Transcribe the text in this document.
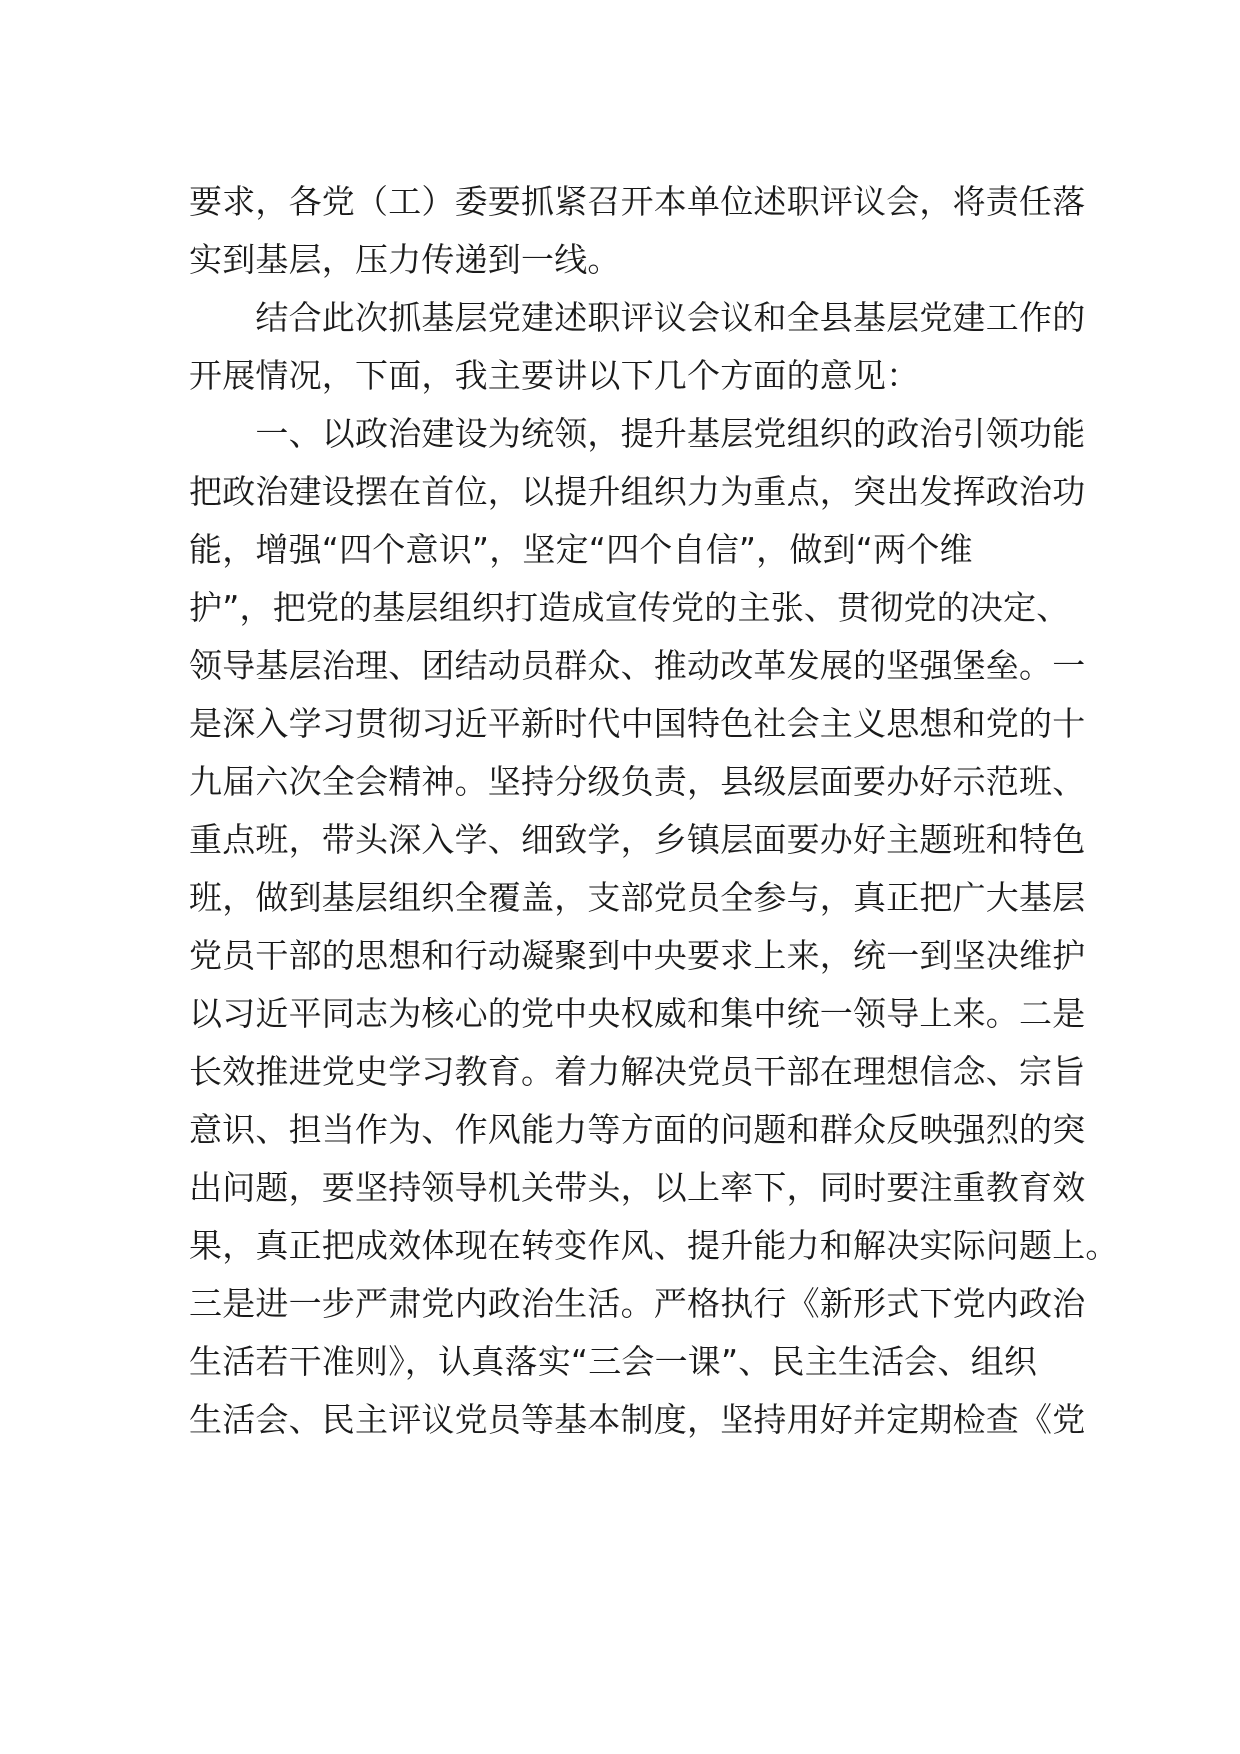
要求，各党（工）委要抓紧召开本单位述职评议会，将责任落
实到基层，压力传递到一线。
　　结合此次抓基层党建述职评议会议和全县基层党建工作的
开展情况，下面，我主要讲以下几个方面的意见：
　　一、以政治建设为统领，提升基层党组织的政治引领功能
把政治建设摆在首位，以提升组织力为重点，突出发挥政治功
能，增强“四个意识”，坚定“四个自信”，做到“两个维
护”，把党的基层组织打造成宣传党的主张、贯彻党的决定、
领导基层治理、团结动员群众、推动改革发展的坚强堡垒。一
是深入学习贯彻习近平新时代中国特色社会主义思想和党的十
九届六次全会精神。坚持分级负责，县级层面要办好示范班、
重点班，带头深入学、细致学，乡镇层面要办好主题班和特色
班，做到基层组织全覆盖，支部党员全参与，真正把广大基层
党员干部的思想和行动凝聚到中央要求上来，统一到坚决维护
以习近平同志为核心的党中央权威和集中统一领导上来。二是
长效推进党史学习教育。着力解决党员干部在理想信念、宗旨
意识、担当作为、作风能力等方面的问题和群众反映强烈的突
出问题，要坚持领导机关带头，以上率下，同时要注重教育效
果，真正把成效体现在转变作风、提升能力和解决实际问题上。
三是进一步严肃党内政治生活。严格执行《新形式下党内政治
生活若干准则》，认真落实“三会一课”、民主生活会、组织
生活会、民主评议党员等基本制度，坚持用好并定期检查《党
